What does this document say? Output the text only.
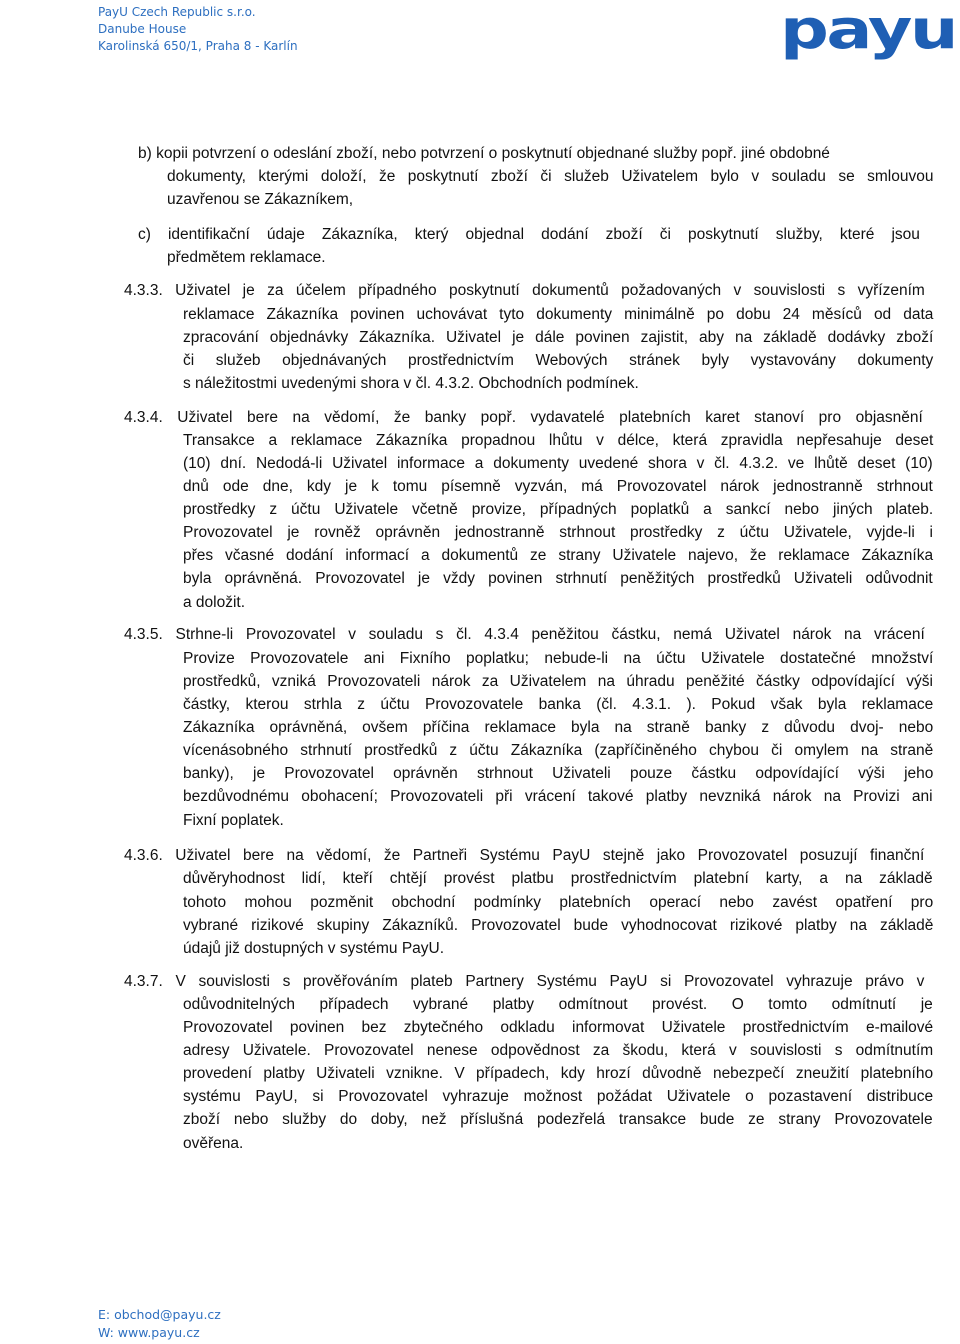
PayU Czech Republic s.r.o.
Danube House
Karolinská 650/1, Praha 8 - Karlín	payu
b) kopii potvrzení o odeslání zboží, nebo potvrzení o poskytnutí objednané služby popř. jiné obdobné
dokumenty, kterými doloží, že poskytnutí zboží či služeb Uživatelem bylo v souladu se smlouvou
uzavřenou se Zákazníkem,
c) identifikační údaje Zákazníka, který objednal dodání zboží či poskytnutí služby, které jsou
předmětem reklamace.
4.3.3. Uživatel je za účelem případného poskytnutí dokumentů požadovaných v souvislosti s vyřízením
reklamace Zákazníka povinen uchovávat tyto dokumenty minimálně po dobu 24 měsíců od data
zpracování objednávky Zákazníka. Uživatel je dále povinen zajistit, aby na základě dodávky zboží
či služeb objednávaných prostřednictvím Webových stránek byly vystavovány dokumenty
s náležitostmi uvedenými shora v čl. 4.3.2. Obchodních podmínek.
4.3.4. Uživatel bere na vědomí, že banky popř. vydavatelé platebních karet stanoví pro objasnění
Transakce a reklamace Zákazníka propadnou lhůtu v délce, která zpravidla nepřesahuje deset
(10) dní. Nedodá-li Uživatel informace a dokumenty uvedené shora v čl. 4.3.2. ve lhůtě deset (10)
dnů ode dne, kdy je k tomu písemně vyzván, má Provozovatel nárok jednostranně strhnout
prostředky z účtu Uživatele včetně provize, případných poplatků a sankcí nebo jiných plateb.
Provozovatel je rovněž oprávněn jednostranně strhnout prostředky z účtu Uživatele, vyjde-li i
přes včasné dodání informací a dokumentů ze strany Uživatele najevo, že reklamace Zákazníka
byla oprávněná. Provozovatel je vždy povinen strhnutí peněžitých prostředků Uživateli odůvodnit
a doložit.
4.3.5. Strhne-li Provozovatel v souladu s čl. 4.3.4 peněžitou částku, nemá Uživatel nárok na vrácení
Provize Provozovatele ani Fixního poplatku; nebude-li na účtu Uživatele dostatečné množství
prostředků, vzniká Provozovateli nárok za Uživatelem na úhradu peněžité částky odpovídající výši
částky, kterou strhla z účtu Provozovatele banka (čl. 4.3.1. ). Pokud však byla reklamace
Zákazníka oprávněná, ovšem příčina reklamace byla na straně banky z důvodu dvoj- nebo
vícenásobného strhnutí prostředků z účtu Zákazníka (zapříčiněného chybou či omylem na straně
banky), je Provozovatel oprávněn strhnout Uživateli pouze částku odpovídající výši jeho
bezdůvodnému obohacení; Provozovateli při vrácení takové platby nevzniká nárok na Provizi ani
Fixní poplatek.
4.3.6. Uživatel bere na vědomí, že Partneři Systému PayU stejně jako Provozovatel posuzují finanční
důvěryhodnost lidí, kteří chtějí provést platbu prostřednictvím platební karty, a na základě
tohoto mohou pozměnit obchodní podmínky platebních operací nebo zavést opatření pro
vybrané rizikové skupiny Zákazníků. Provozovatel bude vyhodnocovat rizikové platby na základě
údajů již dostupných v systému PayU.
4.3.7. V souvislosti s prověřováním plateb Partnery Systému PayU si Provozovatel vyhrazuje právo v
odůvodnitelných případech vybrané platby odmítnout provést. O tomto odmítnutí je
Provozovatel povinen bez zbytečného odkladu informovat Uživatele prostřednictvím e-mailové
adresy Uživatele. Provozovatel nenese odpovědnost za škodu, která v souvislosti s odmítnutím
provedení platby Uživateli vznikne. V případech, kdy hrozí důvodně nebezpečí zneužití platebního
systému PayU, si Provozovatel vyhrazuje možnost požádat Uživatele o pozastavení distribuce
zboží nebo služby do doby, než příslušná podezřelá transakce bude ze strany Provozovatele
ověřena.
E: obchod@payu.cz
W: www.payu.cz
